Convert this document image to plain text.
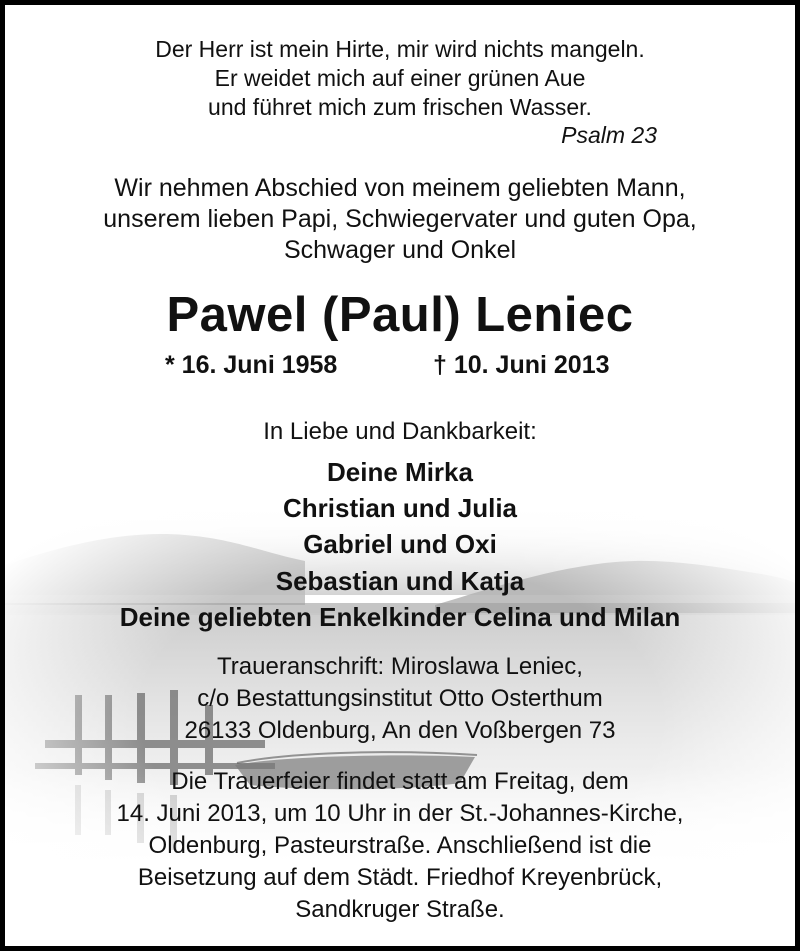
Der Herr ist mein Hirte, mir wird nichts mangeln.
Er weidet mich auf einer grünen Aue
und führet mich zum frischen Wasser.
Psalm 23
Wir nehmen Abschied von meinem geliebten Mann,
unserem lieben Papi, Schwiegervater und guten Opa,
Schwager und Onkel
Pawel (Paul) Leniec
* 16. Juni 1958	† 10. Juni 2013
In Liebe und Dankbarkeit:
Deine Mirka
Christian und Julia
Gabriel und Oxi
Sebastian und Katja
Deine geliebten Enkelkinder Celina und Milan
Traueranschrift: Miroslawa Leniec,
c/o Bestattungsinstitut Otto Osterthum
26133 Oldenburg, An den Voßbergen 73
Die Trauerfeier findet statt am Freitag, dem
14. Juni 2013, um 10 Uhr in der St.-Johannes-Kirche,
Oldenburg, Pasteurstraße. Anschließend ist die
Beisetzung auf dem Städt. Friedhof Kreyenbrück,
Sandkruger Straße.
